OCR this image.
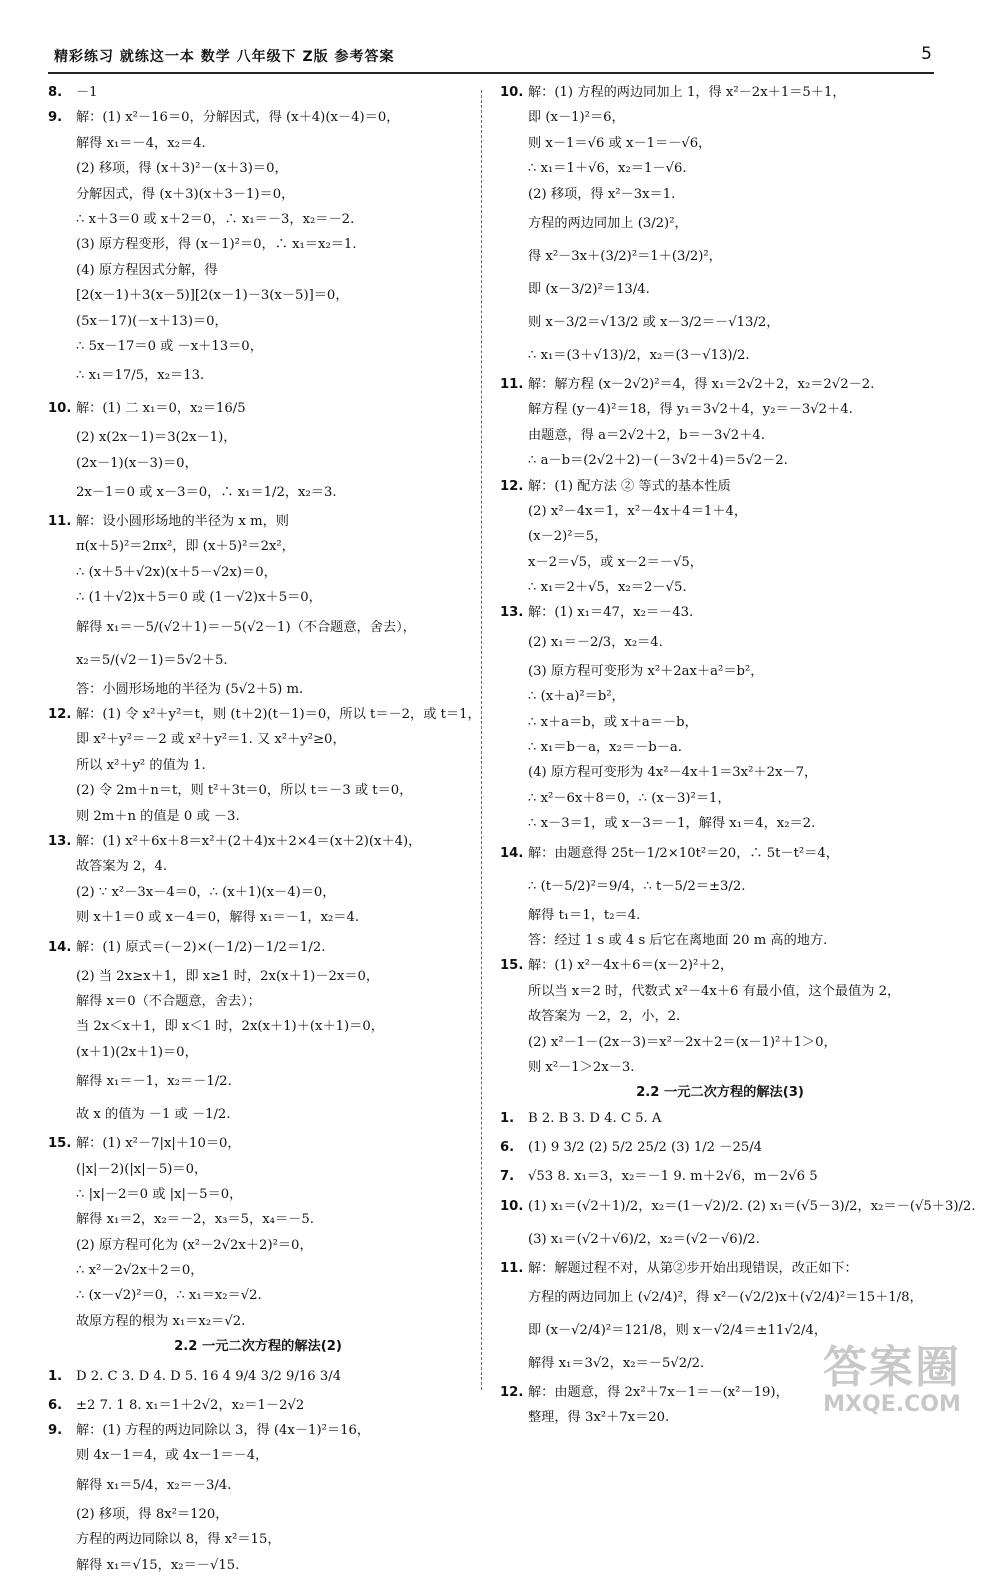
精彩练习 就练这一本 数学 八年级下 Z版 参考答案	5
8. －1
9. 解：(1) x²－16＝0，分解因式，得 (x＋4)(x－4)＝0，
解得 x₁＝－4，x₂＝4.
(2) 移项，得 (x＋3)²－(x＋3)＝0，
分解因式，得 (x＋3)(x＋3－1)＝0，
∴ x＋3＝0 或 x＋2＝0，∴ x₁＝－3，x₂＝－2.
(3) 原方程变形，得 (x－1)²＝0，∴ x₁＝x₂＝1.
(4) 原方程因式分解，得
[2(x－1)＋3(x－5)][2(x－1)－3(x－5)]＝0，
(5x－17)(－x＋13)＝0，
∴ 5x－17＝0 或 －x＋13＝0，
∴ x₁＝17/5，x₂＝13.
10. 解：(1) 二 x₁＝0，x₂＝16/5
(2) x(2x－1)＝3(2x－1)，
(2x－1)(x－3)＝0，
2x－1＝0 或 x－3＝0，∴ x₁＝1/2，x₂＝3.
11. 解：设小圆形场地的半径为 x m，则
π(x＋5)²＝2πx²，即 (x＋5)²＝2x²，
∴ (x＋5＋√2x)(x＋5－√2x)＝0，
∴ (1＋√2)x＋5＝0 或 (1－√2)x＋5＝0，
解得 x₁＝－5/(√2＋1)＝－5(√2－1)（不合题意，舍去），
x₂＝5/(√2－1)＝5√2＋5.
答：小圆形场地的半径为 (5√2＋5) m.
12. 解：(1) 令 x²＋y²＝t，则 (t＋2)(t－1)＝0，所以 t＝－2，或 t＝1，
即 x²＋y²＝－2 或 x²＋y²＝1. 又 x²＋y²≥0，
所以 x²＋y² 的值为 1.
(2) 令 2m＋n＝t，则 t²＋3t＝0，所以 t＝－3 或 t＝0，
则 2m＋n 的值是 0 或 －3.
13. 解：(1) x²＋6x＋8＝x²＋(2＋4)x＋2×4＝(x＋2)(x＋4)，
故答案为 2，4.
(2) ∵ x²－3x－4＝0，∴ (x＋1)(x－4)＝0，
则 x＋1＝0 或 x－4＝0，解得 x₁＝－1，x₂＝4.
14. 解：(1) 原式＝(－2)×(－1/2)－1/2＝1/2.
(2) 当 2x≥x＋1，即 x≥1 时，2x(x＋1)－2x＝0，
解得 x＝0（不合题意，舍去）；
当 2x＜x＋1，即 x＜1 时，2x(x＋1)＋(x＋1)＝0，
(x＋1)(2x＋1)＝0，
解得 x₁＝－1，x₂＝－1/2.
故 x 的值为 －1 或 －1/2.
15. 解：(1) x²－7|x|＋10＝0，
(|x|－2)(|x|－5)＝0，
∴ |x|－2＝0 或 |x|－5＝0，
解得 x₁＝2，x₂＝－2，x₃＝5，x₄＝－5.
(2) 原方程可化为 (x²－2√2x＋2)²＝0，
∴ x²－2√2x＋2＝0，
∴ (x－√2)²＝0，∴ x₁＝x₂＝√2.
故原方程的根为 x₁＝x₂＝√2.
2.2 一元二次方程的解法(2)
1. D 2. C 3. D 4. D 5. 16 4 9/4 3/2 9/16 3/4
6. ±2 7. 1 8. x₁＝1＋2√2，x₂＝1－2√2
9. 解：(1) 方程的两边同除以 3，得 (4x－1)²＝16，
则 4x－1＝4，或 4x－1＝－4，
解得 x₁＝5/4，x₂＝－3/4.
(2) 移项，得 8x²＝120，
方程的两边同除以 8，得 x²＝15，
解得 x₁＝√15，x₂＝－√15.
10. 解：(1) 方程的两边同加上 1，得 x²－2x＋1＝5＋1，
即 (x－1)²＝6，
则 x－1＝√6 或 x－1＝－√6，
∴ x₁＝1＋√6，x₂＝1－√6.
(2) 移项，得 x²－3x＝1.
方程的两边同加上 (3/2)²，
得 x²－3x＋(3/2)²＝1＋(3/2)²，
即 (x－3/2)²＝13/4.
则 x－3/2＝√13/2 或 x－3/2＝－√13/2，
∴ x₁＝(3＋√13)/2，x₂＝(3－√13)/2.
11. 解：解方程 (x－2√2)²＝4，得 x₁＝2√2＋2，x₂＝2√2－2.
解方程 (y－4)²＝18，得 y₁＝3√2＋4，y₂＝－3√2＋4.
由题意，得 a＝2√2＋2，b＝－3√2＋4.
∴ a－b＝(2√2＋2)－(－3√2＋4)＝5√2－2.
12. 解：(1) 配方法 ② 等式的基本性质
(2) x²－4x＝1，x²－4x＋4＝1＋4，
(x－2)²＝5，
x－2＝√5，或 x－2＝－√5，
∴ x₁＝2＋√5，x₂＝2－√5.
13. 解：(1) x₁＝47，x₂＝－43.
(2) x₁＝－2/3，x₂＝4.
(3) 原方程可变形为 x²＋2ax＋a²＝b²，
∴ (x＋a)²＝b²，
∴ x＋a＝b，或 x＋a＝－b，
∴ x₁＝b－a，x₂＝－b－a.
(4) 原方程可变形为 4x²－4x＋1＝3x²＋2x－7，
∴ x²－6x＋8＝0，∴ (x－3)²＝1，
∴ x－3＝1，或 x－3＝－1，解得 x₁＝4，x₂＝2.
14. 解：由题意得 25t－1/2×10t²＝20，∴ 5t－t²＝4，
∴ (t－5/2)²＝9/4，∴ t－5/2＝±3/2.
解得 t₁＝1，t₂＝4.
答：经过 1 s 或 4 s 后它在离地面 20 m 高的地方.
15. 解：(1) x²－4x＋6＝(x－2)²＋2，
所以当 x＝2 时，代数式 x²－4x＋6 有最小值，这个最值为 2，
故答案为 －2，2，小，2.
(2) x²－1－(2x－3)＝x²－2x＋2＝(x－1)²＋1＞0，
则 x²－1＞2x－3.
2.2 一元二次方程的解法(3)
1. B 2. B 3. D 4. C 5. A
6. (1) 9 3/2 (2) 5/2 25/2 (3) 1/2 －25/4
7. √53 8. x₁＝3，x₂＝－1 9. m＋2√6，m－2√6 5
10. (1) x₁＝(√2＋1)/2，x₂＝(1－√2)/2. (2) x₁＝(√5－3)/2，x₂＝－(√5＋3)/2.
(3) x₁＝(√2＋√6)/2，x₂＝(√2－√6)/2.
11. 解：解题过程不对，从第②步开始出现错误，改正如下：
方程的两边同加上 (√2/4)²，得 x²－(√2/2)x＋(√2/4)²＝15＋1/8，
即 (x－√2/4)²＝121/8，则 x－√2/4＝±11√2/4，
解得 x₁＝3√2，x₂＝－5√2/2.
12. 解：由题意，得 2x²＋7x－1＝－(x²－19)，
整理，得 3x²＋7x＝20.
答案圈
MXQE.COM
